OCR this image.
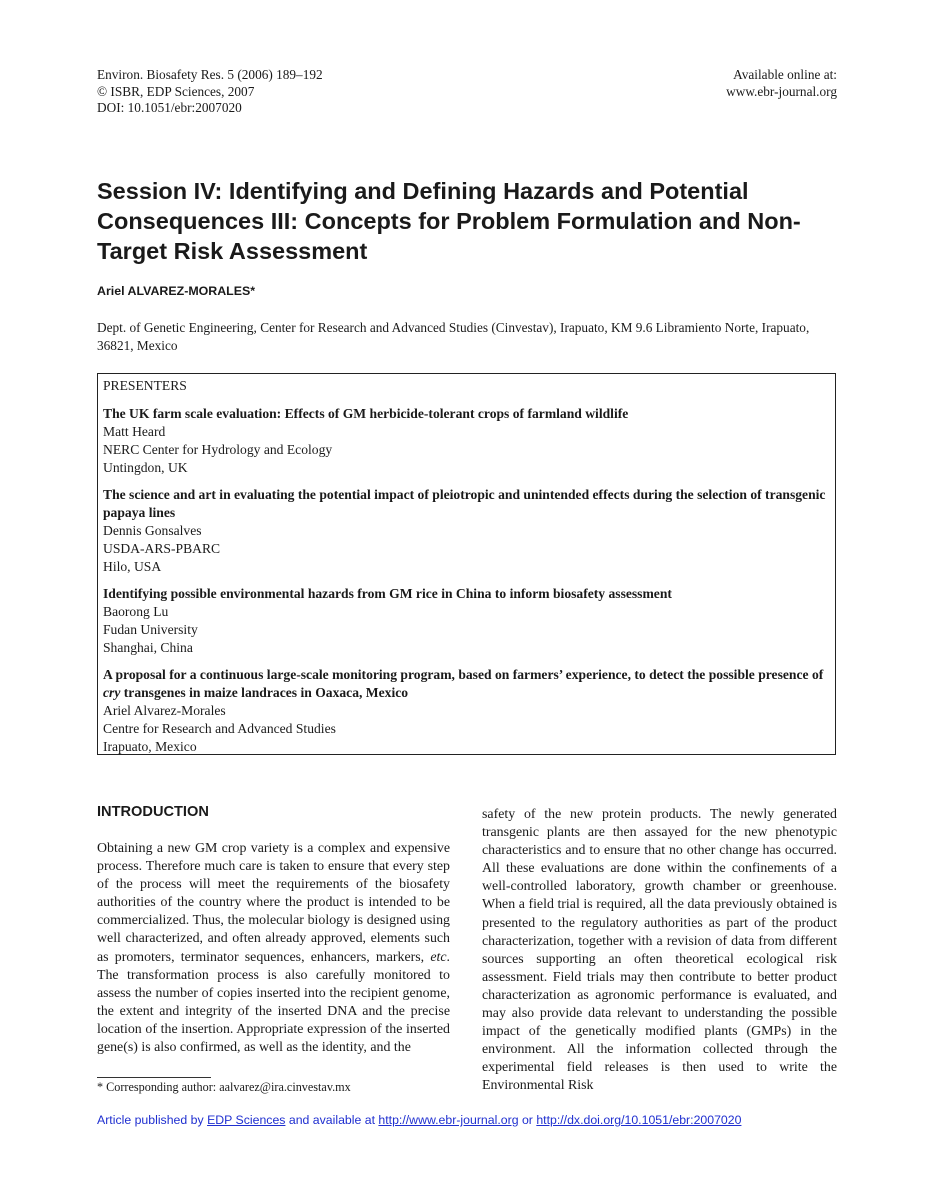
Environ. Biosafety Res. 5 (2006) 189–192
© ISBR, EDP Sciences, 2007
DOI: 10.1051/ebr:2007020
Available online at:
www.ebr-journal.org
Session IV: Identifying and Defining Hazards and Potential Consequences III: Concepts for Problem Formulation and Non-Target Risk Assessment
Ariel ALVAREZ-MORALES*
Dept. of Genetic Engineering, Center for Research and Advanced Studies (Cinvestav), Irapuato, KM 9.6 Libramiento Norte, Irapuato, 36821, Mexico
PRESENTERS

The UK farm scale evaluation: Effects of GM herbicide-tolerant crops of farmland wildlife

Matt Heard

NERC Center for Hydrology and Ecology

Untingdon, UK

The science and art in evaluating the potential impact of pleiotropic and unintended effects during the selection of transgenic papaya lines

Dennis Gonsalves

USDA-ARS-PBARC

Hilo, USA

Identifying possible environmental hazards from GM rice in China to inform biosafety assessment

Baorong Lu

Fudan University

Shanghai, China

A proposal for a continuous large-scale monitoring program, based on farmers’ experience, to detect the possible presence of cry transgenes in maize landraces in Oaxaca, Mexico

Ariel Alvarez-Morales

Centre for Research and Advanced Studies

Irapuato, Mexico

INTRODUCTION

Obtaining a new GM crop variety is a complex and expensive process. Therefore much care is taken to ensure that every step of the process will meet the requirements of the biosafety authorities of the country where the product is intended to be commercialized. Thus, the molecular biology is designed using well characterized, and often already approved, elements such as promoters, terminator sequences, enhancers, markers, etc. The transformation process is also carefully monitored to assess the number of copies inserted into the recipient genome, the extent and integrity of the inserted DNA and the precise location of the insertion. Appropriate expression of the inserted gene(s) is also confirmed, as well as the identity, and the

safety of the new protein products. The newly generated transgenic plants are then assayed for the new phenotypic characteristics and to ensure that no other change has occurred. All these evaluations are done within the confinements of a well-controlled laboratory, growth chamber or greenhouse. When a field trial is required, all the data previously obtained is presented to the regulatory authorities as part of the product characterization, together with a revision of data from different sources supporting an often theoretical ecological risk assessment. Field trials may then contribute to better product characterization as agronomic performance is evaluated, and may also provide data relevant to understanding the possible impact of the genetically modified plants (GMPs) in the environment. All the information collected through the experimental field releases is then used to write the Environmental Risk

* Corresponding author: aalvarez@ira.cinvestav.mx
Article published by EDP Sciences and available at http://www.ebr-journal.org or http://dx.doi.org/10.1051/ebr:2007020
